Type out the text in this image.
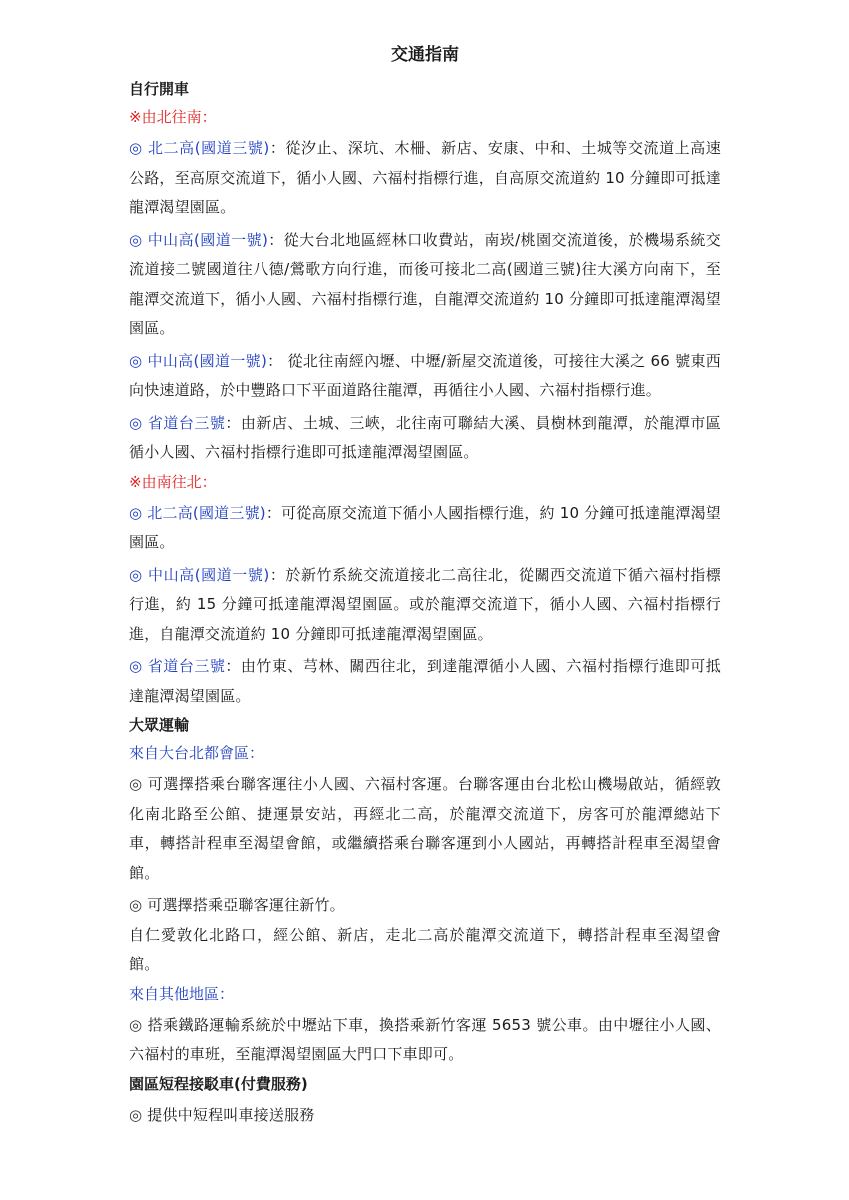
交通指南
自行開車
※由北往南：

◎ 北二高(國道三號)：從汐止、深坑、木柵、新店、安康、中和、土城等交流道上高速公路，至高原交流道下，循小人國、六福村指標行進，自高原交流道約 10 分鐘即可抵達龍潭渴望園區。

◎ 中山高(國道一號)：從大台北地區經林口收費站，南崁/桃園交流道後，於機場系統交流道接二號國道往八德/鶯歌方向行進，而後可接北二高(國道三號)往大溪方向南下，至龍潭交流道下，循小人國、六福村指標行進，自龍潭交流道約 10 分鐘即可抵達龍潭渴望園區。

◎ 中山高(國道一號)： 從北往南經內壢、中壢/新屋交流道後，可接往大溪之 66 號東西向快速道路，於中豐路口下平面道路往龍潭，再循往小人國、六福村指標行進。

◎ 省道台三號：由新店、土城、三峽，北往南可聯結大溪、員樹林到龍潭，於龍潭市區循小人國、六福村指標行進即可抵達龍潭渴望園區。

※由南往北：

◎ 北二高(國道三號)：可從高原交流道下循小人國指標行進，約 10 分鐘可抵達龍潭渴望園區。

◎ 中山高(國道一號)：於新竹系統交流道接北二高往北，從關西交流道下循六福村指標行進，約 15 分鐘可抵達龍潭渴望園區。或於龍潭交流道下，循小人國、六福村指標行進，自龍潭交流道約 10 分鐘即可抵達龍潭渴望園區。

◎ 省道台三號：由竹東、芎林、關西往北，到達龍潭循小人國、六福村指標行進即可抵達龍潭渴望園區。

大眾運輸
來自大台北都會區：

◎ 可選擇搭乘台聯客運往小人國、六福村客運。台聯客運由台北松山機場啟站，循經敦化南北路至公館、捷運景安站，再經北二高，於龍潭交流道下，房客可於龍潭總站下車，轉搭計程車至渴望會館，或繼續搭乘台聯客運到小人國站，再轉搭計程車至渴望會館。

◎ 可選擇搭乘亞聯客運往新竹。

自仁愛敦化北路口，經公館、新店，走北二高於龍潭交流道下，轉搭計程車至渴望會館。

來自其他地區：

◎ 搭乘鐵路運輸系統於中壢站下車，換搭乘新竹客運 5653 號公車。由中壢往小人國、六福村的車班，至龍潭渴望園區大門口下車即可。

園區短程接駁車(付費服務)

◎ 提供中短程叫車接送服務
